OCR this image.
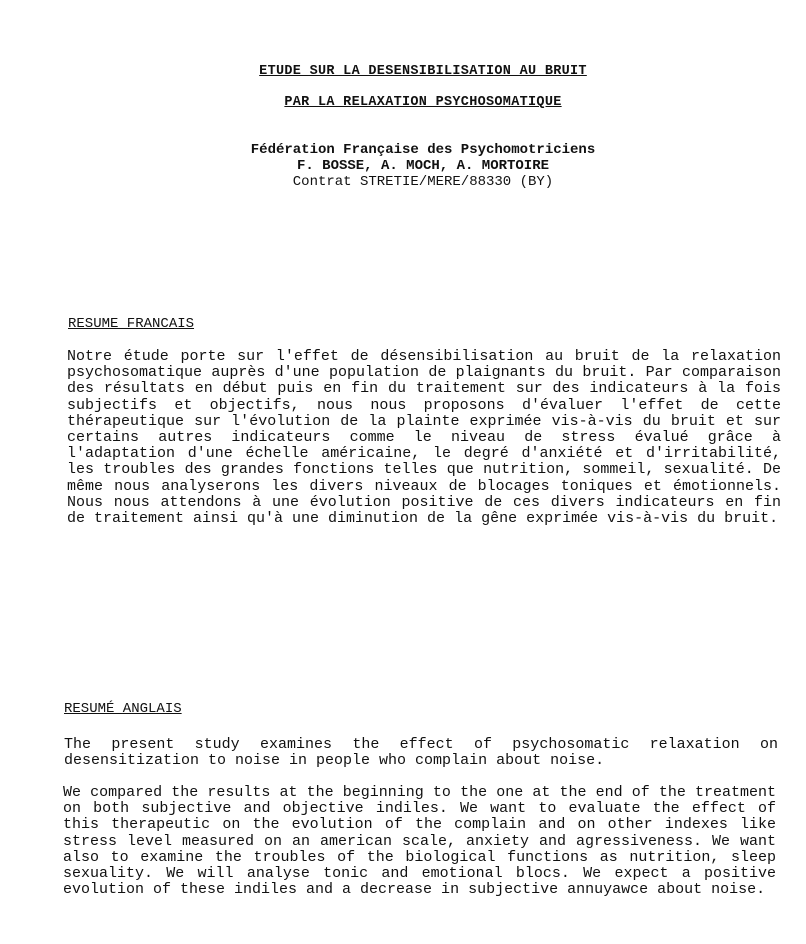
ETUDE SUR LA DESENSIBILISATION AU BRUIT
PAR LA RELAXATION PSYCHOSOMATIQUE
Fédération Française des Psychomotriciens
F. BOSSE, A. MOCH, A. MORTOIRE
Contrat STRETIE/MERE/88330 (BY)
RESUME FRANCAIS

Notre étude porte sur l'effet de désensibilisation au bruit de la relaxation psychosomatique auprès d'une population de plaignants du bruit. Par comparaison des résultats en début puis en fin du traitement sur des indicateurs à la fois subjectifs et objectifs, nous nous proposons d'évaluer l'effet de cette thérapeutique sur l'évolution de la plainte exprimée vis-à-vis du bruit et sur certains autres indicateurs comme le niveau de stress évalué grâce à l'adaptation d'une échelle américaine, le degré d'anxiété et d'irritabilité, les troubles des grandes fonctions telles que nutrition, sommeil, sexualité. De même nous analyserons les divers niveaux de blocages toniques et émotionnels. Nous nous attendons à une évolution positive de ces divers indicateurs en fin de traitement ainsi qu'à une diminution de la gêne exprimée vis-à-vis du bruit.

RESUMÉ ANGLAIS

The present study examines the effect of psychosomatic relaxation on desensitization to noise in people who complain about noise.

We compared the results at the beginning to the one at the end of the treatment on both subjective and objective indiles. We want to evaluate the effect of this therapeutic on the evolution of the complain and on other indexes like stress level measured on an american scale, anxiety and agressiveness. We want also to examine the troubles of the biological functions as nutrition, sleep sexuality. We will analyse tonic and emotional blocs. We expect a positive evolution of these indiles and a decrease in subjective annuyawce about noise.
